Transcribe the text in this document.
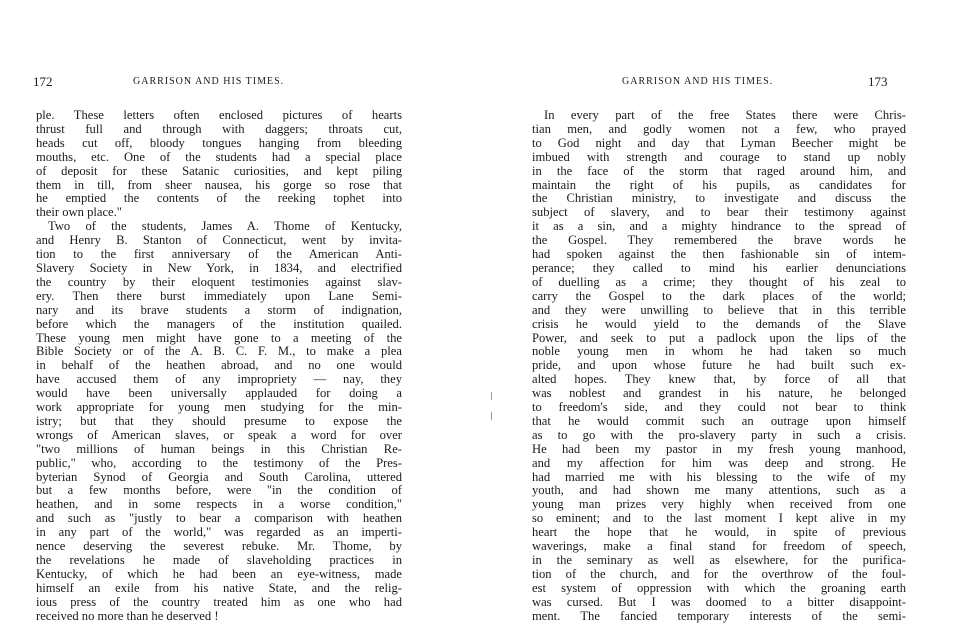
172	GARRISON AND HIS TIMES.
ple. These letters often enclosed pictures of hearts
thrust full and through with daggers; throats cut,
heads cut off, bloody tongues hanging from bleeding
mouths, etc. One of the students had a special place
of deposit for these Satanic curiosities, and kept piling
them in till, from sheer nausea, his gorge so rose that
he emptied the contents of the reeking tophet into
their own place."
Two of the students, James A. Thome of Kentucky,
and Henry B. Stanton of Connecticut, went by invita-
tion to the first anniversary of the American Anti-
Slavery Society in New York, in 1834, and electrified
the country by their eloquent testimonies against slav-
ery. Then there burst immediately upon Lane Semi-
nary and its brave students a storm of indignation,
before which the managers of the institution quailed.
These young men might have gone to a meeting of the
Bible Society or of the A. B. C. F. M., to make a plea
in behalf of the heathen abroad, and no one would
have accused them of any impropriety — nay, they
would have been universally applauded for doing a
work appropriate for young men studying for the min-
istry; but that they should presume to expose the
wrongs of American slaves, or speak a word for over
"two millions of human beings in this Christian Re-
public," who, according to the testimony of the Pres-
byterian Synod of Georgia and South Carolina, uttered
but a few months before, were "in the condition of
heathen, and in some respects in a worse condition,"
and such as "justly to bear a comparison with heathen
in any part of the world," was regarded as an imperti-
nence deserving the severest rebuke. Mr. Thome, by
the revelations he made of slaveholding practices in
Kentucky, of which he had been an eye-witness, made
himself an exile from his native State, and the relig-
ious press of the country treated him as one who had
received no more than he deserved !
GARRISON AND HIS TIMES.	173
In every part of the free States there were Chris-
tian men, and godly women not a few, who prayed
to God night and day that Lyman Beecher might be
imbued with strength and courage to stand up nobly
in the face of the storm that raged around him, and
maintain the right of his pupils, as candidates for
the Christian ministry, to investigate and discuss the
subject of slavery, and to bear their testimony against
it as a sin, and a mighty hindrance to the spread of
the Gospel. They remembered the brave words he
had spoken against the then fashionable sin of intem-
perance; they called to mind his earlier denunciations
of duelling as a crime; they thought of his zeal to
carry the Gospel to the dark places of the world;
and they were unwilling to believe that in this terrible
crisis he would yield to the demands of the Slave
Power, and seek to put a padlock upon the lips of the
noble young men in whom he had taken so much
pride, and upon whose future he had built such ex-
alted hopes. They knew that, by force of all that
was noblest and grandest in his nature, he belonged
to freedom's side, and they could not bear to think
that he would commit such an outrage upon himself
as to go with the pro-slavery party in such a crisis.
He had been my pastor in my fresh young manhood,
and my affection for him was deep and strong. He
had married me with his blessing to the wife of my
youth, and had shown me many attentions, such as a
young man prizes very highly when received from one
so eminent; and to the last moment I kept alive in my
heart the hope that he would, in spite of previous
waverings, make a final stand for freedom of speech,
in the seminary as well as elsewhere, for the purifica-
tion of the church, and for the overthrow of the foul-
est system of oppression with which the groaning earth
was cursed. But I was doomed to a bitter disappoint-
ment. The fancied temporary interests of the semi-
